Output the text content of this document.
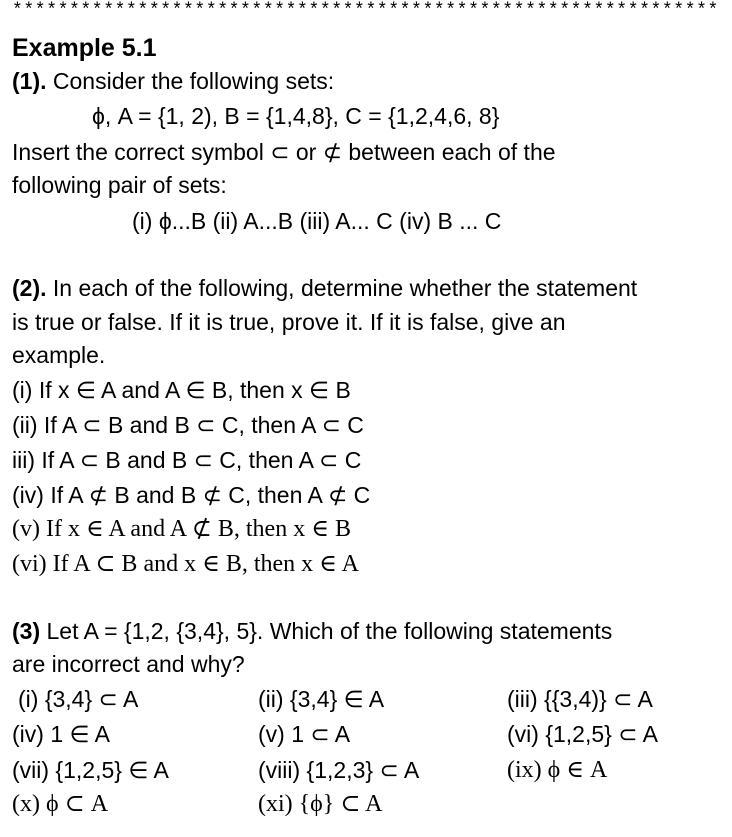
**************************************************************
Example 5.1
(1). Consider the following sets:
ϕ, A = {1, 2), B = {1,4,8}, C = {1,2,4,6, 8}
Insert the correct symbol ⊂ or ⊄ between each of the
following pair of sets:
(i) ϕ...B (ii) A...B (iii) A... C (iv) B ... C
(2). In each of the following, determine whether the statement
is true or false. If it is true, prove it. If it is false, give an
example.
(i) If x ∈ A and A ∈ B, then x ∈ B
(ii) If A ⊂ B and B ⊂ C, then A ⊂ C
iii) If A ⊂ B and B ⊂ C, then A ⊂ C
(iv) If A ⊄ B and B ⊄ C, then A ⊄ C
(v) If x ∈ A and A ⊄ B, then x ∈ B
(vi) If A ⊂ B and x ∈ B, then x ∈ A
(3) Let A = {1,2, {3,4}, 5}. Which of the following statements
are incorrect and why?
(i) {3,4} ⊂ A	(ii) {3,4} ∈ A	(iii) {{3,4)} ⊂ A
(iv) 1 ∈ A	(v) 1 ⊂ A	(vi) {1,2,5} ⊂ A
(vii) {1,2,5} ∈ A	(viii) {1,2,3} ⊂ A	(ix) ϕ ∈ A
(x) ϕ ⊂ A	(xi) {ϕ} ⊂ A
